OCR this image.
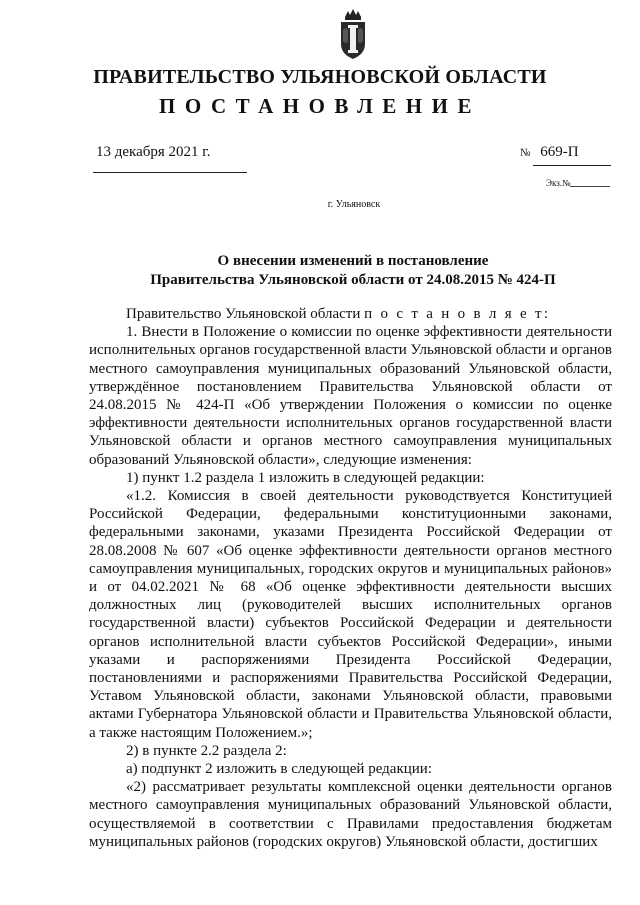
ПРАВИТЕЛЬСТВО УЛЬЯНОВСКОЙ ОБЛАСТИ
ПОСТАНОВЛЕНИЕ
13 декабря 2021 г.	№ 669-П
Экз.№
г. Ульяновск
О внесении изменений в постановление
Правительства Ульяновской области от 24.08.2015 № 424-П

Правительство Ульяновской области п о с т а н о в л я е т:

1. Внести в Положение о комиссии по оценке эффективности деятельности исполнительных органов государственной власти Ульяновской области и органов местного самоуправления муниципальных образований Ульяновской области, утверждённое постановлением Правительства Ульяновской области от 24.08.2015 № 424-П «Об утверждении Положения о комиссии по оценке эффективности деятельности исполнительных органов государственной власти Ульяновской области и органов местного самоуправления муниципальных образований Ульяновской области», следующие изменения:

1) пункт 1.2 раздела 1 изложить в следующей редакции:

«1.2. Комиссия в своей деятельности руководствуется Конституцией Российской Федерации, федеральными конституционными законами, федеральными законами, указами Президента Российской Федерации от 28.08.2008 № 607 «Об оценке эффективности деятельности органов местного самоуправления муниципальных, городских округов и муниципальных районов» и от 04.02.2021 № 68 «Об оценке эффективности деятельности высших должностных лиц (руководителей высших исполнительных органов государственной власти) субъектов Российской Федерации и деятельности органов исполнительной власти субъектов Российской Федерации», иными указами и распоряжениями Президента Российской Федерации, постановлениями и распоряжениями Правительства Российской Федерации, Уставом Ульяновской области, законами Ульяновской области, правовыми актами Губернатора Ульяновской области и Правительства Ульяновской области, а также настоящим Положением.»;

2) в пункте 2.2 раздела 2:

а) подпункт 2 изложить в следующей редакции:

«2) рассматривает результаты комплексной оценки деятельности органов местного самоуправления муниципальных образований Ульяновской области, осуществляемой в соответствии с Правилами предоставления бюджетам муниципальных районов (городских округов) Ульяновской области, достигших
